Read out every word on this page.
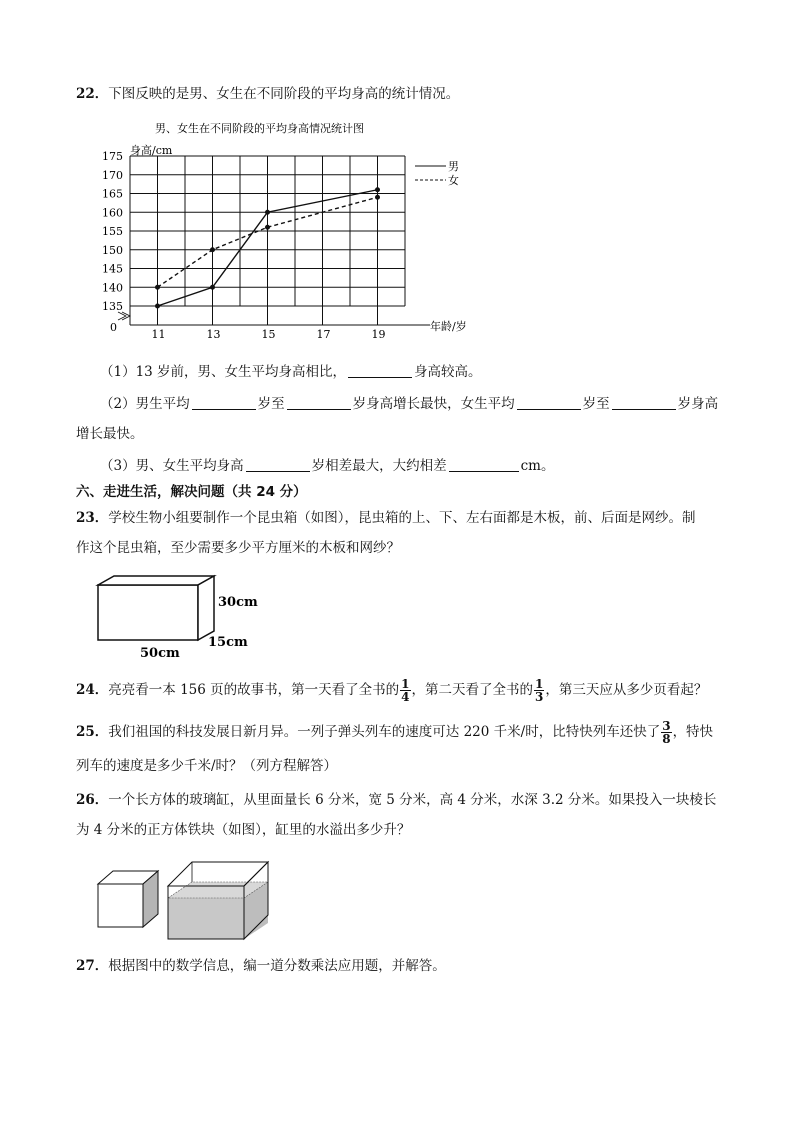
22．下图反映的是男、女生在不同阶段的平均身高的统计情况。
男、女生在不同阶段的平均身高情况统计图
身高/cm
175
170
165
160
155
150
145
140
135
11	13	15	17	19
0	年龄/岁
男
女
（1）13 岁前，男、女生平均身高相比，	身高较高。
（2）男生平均	岁至	岁身高增长最快，女生平均	岁至	岁身高
增长最快。
（3）男、女生平均身高	岁相差最大，大约相差	cm。
六、走进生活，解决问题（共 24 分）
23．学校生物小组要制作一个昆虫箱（如图），昆虫箱的上、下、左右面都是木板，前、后面是网纱。制
作这个昆虫箱，至少需要多少平方厘米的木板和网纱？
30cm
15cm
50cm
24．亮亮看一本 156 页的故事书，第一天看了全书的 $\frac{1}{4}$ ，第二天看了全书的 $\frac{1}{3}$ ，第三天应从多少页看起？
25．我们祖国的科技发展日新月异。一列子弹头列车的速度可达 220 千米/时，比特快列车还快了 $\frac{3}{8}$ ，特快
列车的速度是多少千米/时？（列方程解答）
26．一个长方体的玻璃缸，从里面量长 6 分米，宽 5 分米，高 4 分米，水深 3.2 分米。如果投入一块棱长
为 4 分米的正方体铁块（如图），缸里的水溢出多少升？
27．根据图中的数学信息，编一道分数乘法应用题，并解答。
